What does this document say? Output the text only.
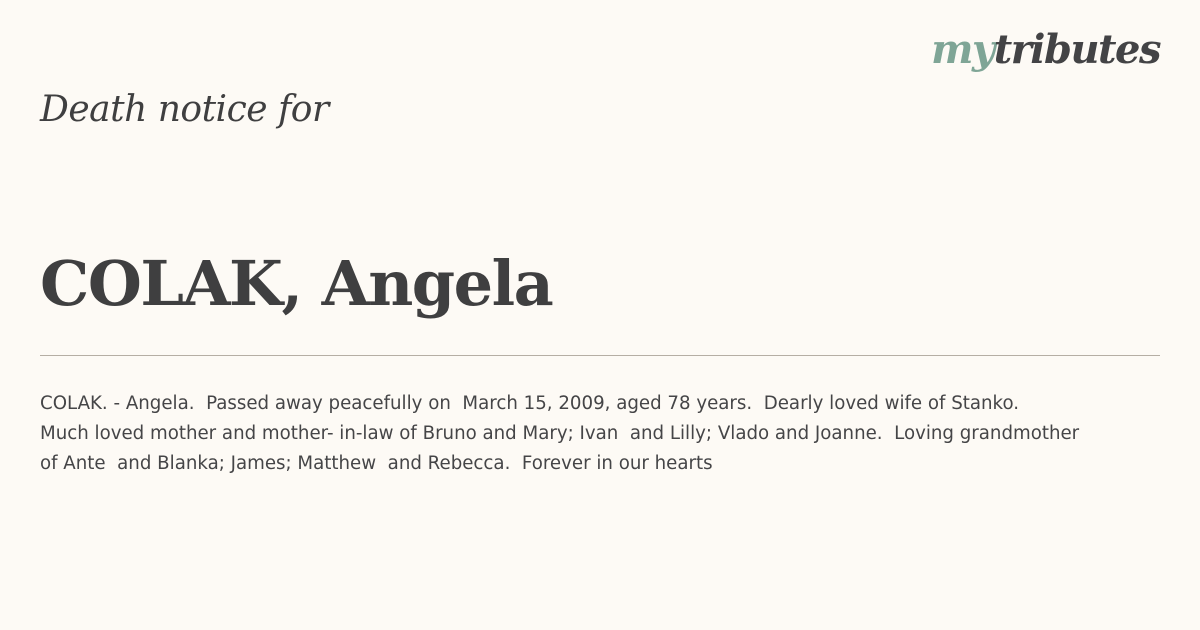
mytributes
Death notice for
COLAK, Angela

COLAK. - Angela.  Passed away peacefully on  March 15, 2009, aged 78 years.  Dearly loved wife of Stanko.

Much loved mother and mother- in-law of Bruno and Mary; Ivan  and Lilly; Vlado and Joanne.  Loving grandmother

of Ante  and Blanka; James; Matthew  and Rebecca.  Forever in our hearts
